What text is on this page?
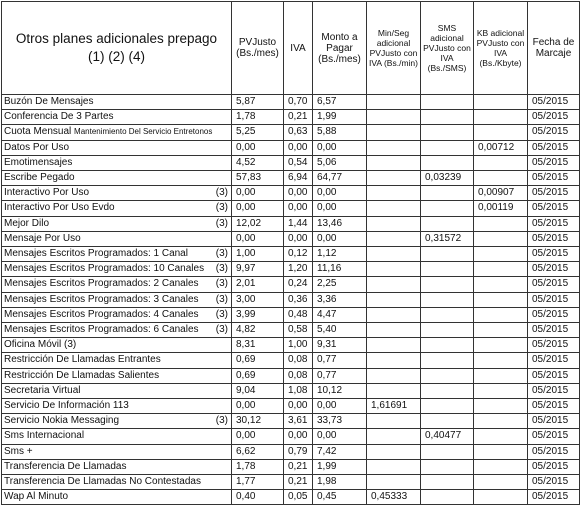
Otros planes adicionales prepago (1) (2) (4)	PVJusto (Bs./mes)	IVA	Monto a Pagar (Bs./mes)	Min/Seg adicional PVJusto con IVA (Bs./min)	SMS adicional PVJusto con IVA (Bs./SMS)	KB adicional PVJusto con IVA (Bs./Kbyte)	Fecha de Marcaje
Buzón De Mensajes	5,87	0,70	6,57				05/2015
Conferencia De 3 Partes	1,78	0,21	1,99				05/2015
Cuota Mensual Mantenimiento Del Servicio Entretonos	5,25	0,63	5,88				05/2015
Datos Por Uso	0,00	0,00	0,00			0,00712	05/2015
Emotimensajes	4,52	0,54	5,06				05/2015
Escribe Pegado	57,83	6,94	64,77		0,03239		05/2015
Interactivo Por Uso (3)	0,00	0,00	0,00			0,00907	05/2015
Interactivo Por Uso Evdo (3)	0,00	0,00	0,00			0,00119	05/2015
Mejor Dilo (3)	12,02	1,44	13,46				05/2015
Mensaje Por Uso	0,00	0,00	0,00		0,31572		05/2015
Mensajes Escritos Programados: 1 Canal (3)	1,00	0,12	1,12				05/2015
Mensajes Escritos Programados: 10 Canales (3)	9,97	1,20	11,16				05/2015
Mensajes Escritos Programados: 2 Canales (3)	2,01	0,24	2,25				05/2015
Mensajes Escritos Programados: 3 Canales (3)	3,00	0,36	3,36				05/2015
Mensajes Escritos Programados: 4 Canales (3)	3,99	0,48	4,47				05/2015
Mensajes Escritos Programados: 6 Canales (3)	4,82	0,58	5,40				05/2015
Oficina Móvil (3)	8,31	1,00	9,31				05/2015
Restricción De Llamadas Entrantes	0,69	0,08	0,77				05/2015
Restricción De Llamadas Salientes	0,69	0,08	0,77				05/2015
Secretaria Virtual	9,04	1,08	10,12				05/2015
Servicio De Información 113	0,00	0,00	0,00	1,61691			05/2015
Servicio Nokia Messaging (3)	30,12	3,61	33,73				05/2015
Sms Internacional	0,00	0,00	0,00		0,40477		05/2015
Sms +	6,62	0,79	7,42				05/2015
Transferencia De Llamadas	1,78	0,21	1,99				05/2015
Transferencia De Llamadas No Contestadas	1,77	0,21	1,98				05/2015
Wap Al Minuto	0,40	0,05	0,45	0,45333			05/2015
